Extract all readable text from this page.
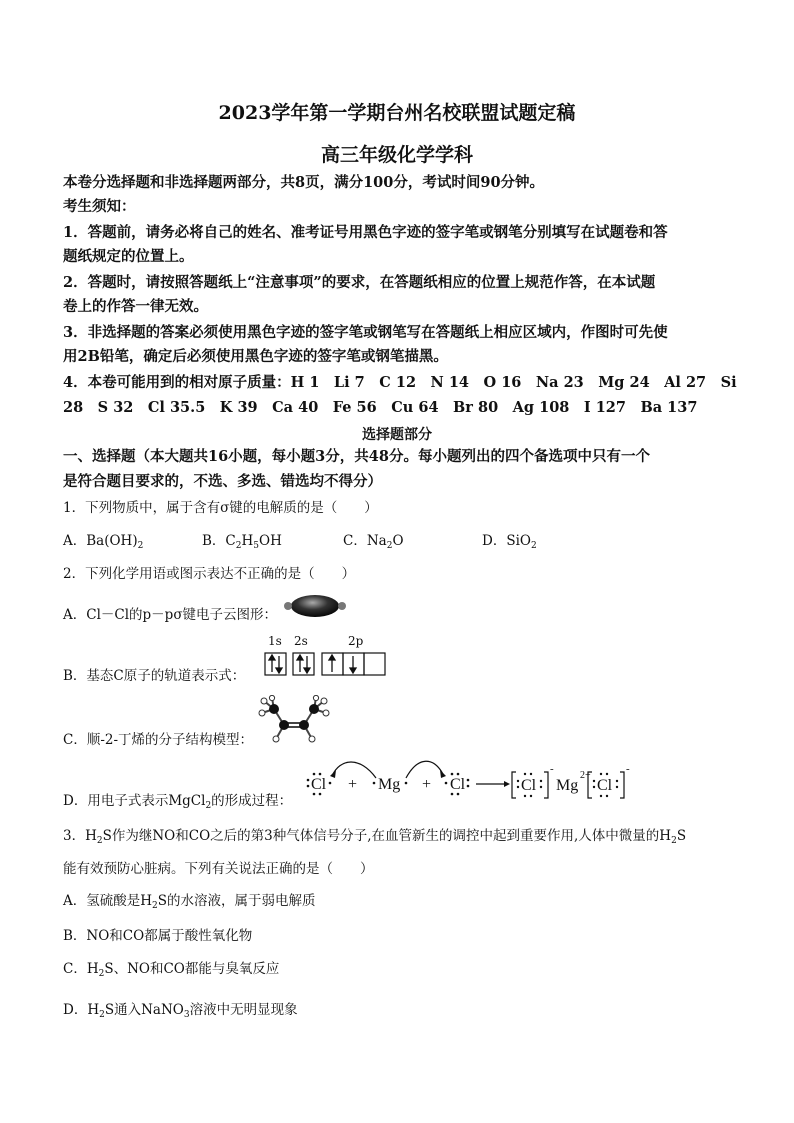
2023学年第一学期台州名校联盟试题定稿
高三年级化学学科
本卷分选择题和非选择题两部分，共8页，满分100分，考试时间90分钟。
考生须知：
1．答题前，请务必将自己的姓名、准考证号用黑色字迹的签字笔或钢笔分别填写在试题卷和答
题纸规定的位置上。
2．答题时，请按照答题纸上“注意事项”的要求，在答题纸相应的位置上规范作答，在本试题
卷上的作答一律无效。
3．非选择题的答案必须使用黑色字迹的签字笔或钢笔写在答题纸上相应区域内，作图时可先使
用2B铅笔，确定后必须使用黑色字迹的签字笔或钢笔描黑。
4．本卷可能用到的相对原子质量：H 1　Li 7　C 12　N 14　O 16　Na 23　Mg 24　Al 27　Si
28　S 32　Cl 35.5　K 39　Ca 40　Fe 56　Cu 64　Br 80　Ag 108　I 127　Ba 137
选择题部分
一、选择题（本大题共16小题，每小题3分，共48分。每小题列出的四个备选项中只有一个
是符合题目要求的，不选、多选、错选均不得分）
1．下列物质中，属于含有σ键的电解质的是（　　）
A．$Ba(OH)_2$	B．$C_2H_5OH$	C．$Na_2O$	D．SiO$_2$
2．下列化学用语或图示表达不正确的是（　　）
A．Cl－Cl的p－pσ键电子云图形：
B．基态C原子的轨道表示式：
1s 2s	2p
C．顺-2-丁烯的分子结构模型：
D．用电子式表示MgCl$_2$的形成过程：
Cl + Mg + Cl	Cl
-
Mg
2+
Cl
-
3．$H_2S$作为继NO和CO之后的第3种气体信号分子,在血管新生的调控中起到重要作用,人体中微量的$H_2S$
能有效预防心脏病。下列有关说法正确的是（　　）
A．氢硫酸是$H_2S$的水溶液，属于弱电解质
B．NO和CO都属于酸性氧化物
C．$H_2S$、NO和CO都能与臭氧反应
D．$H_2S$通入NaNO$_3$溶液中无明显现象
